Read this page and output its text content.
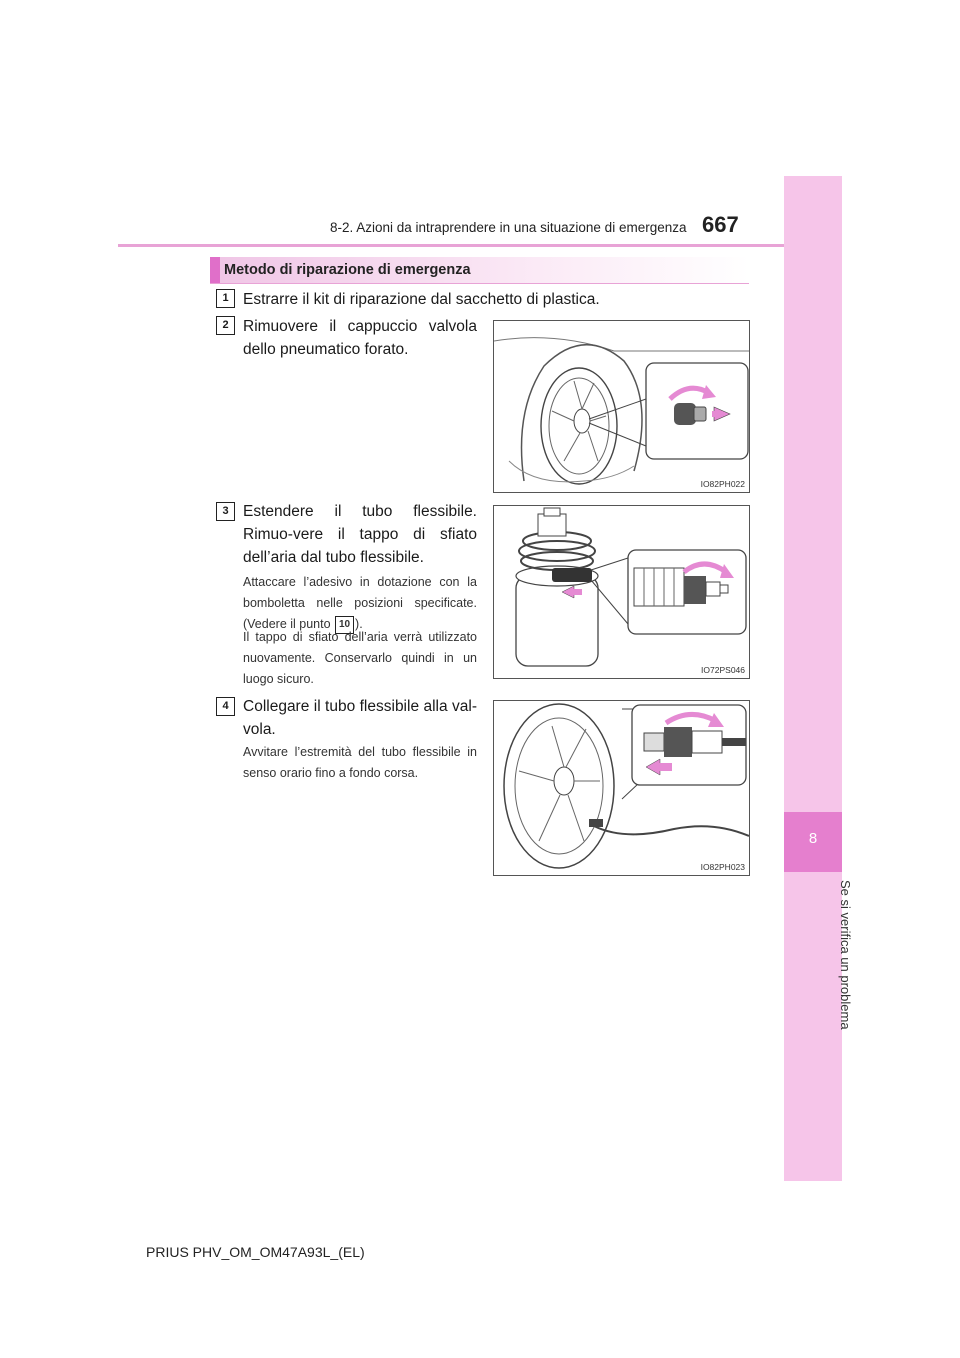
8-2. Azioni da intraprendere in una situazione di emergenza 667
8
Se si verifica un problema
Metodo di riparazione di emergenza
1 Estrarre il kit di riparazione dal sacchetto di plastica.
2 Rimuovere il cappuccio valvola dello pneumatico forato.
IO82PH022
3 Estendere il tubo flessibile. Rimuo-vere il tappo di sfiato dell’aria dal tubo flessibile.
Attaccare l’adesivo in dotazione con la bomboletta nelle posizioni specificate. (Vedere il punto 10 ).
Il tappo di sfiato dell’aria verrà utilizzato nuovamente. Conservarlo quindi in un luogo sicuro.
IO72PS046
4 Collegare il tubo flessibile alla val-vola.
Avvitare l’estremità del tubo flessibile in senso orario fino a fondo corsa.
IO82PH023
PRIUS PHV_OM_OM47A93L_(EL)
